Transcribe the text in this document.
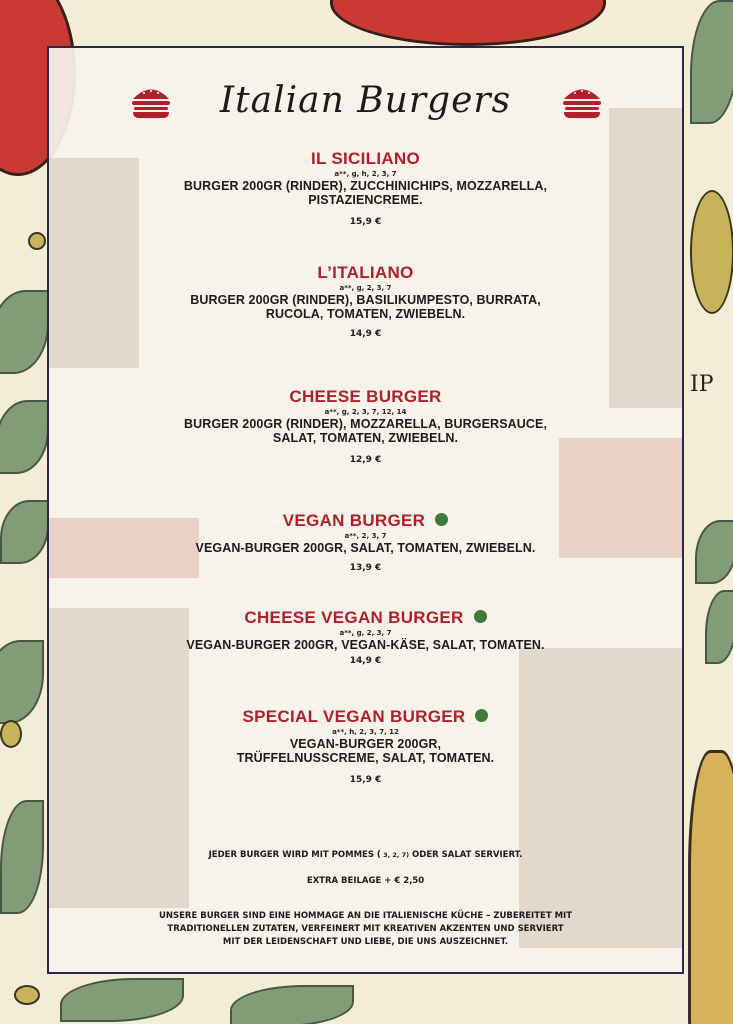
IP
ZZERIA
Italian Burgers
IL SICILIANO
a**, g, h, 2, 3, 7
BURGER 200GR (RINDER), ZUCCHINICHIPS, MOZZARELLA,
PISTAZIENCREME.
15,9 €
L’ITALIANO
a**, g, 2, 3, 7
BURGER 200GR (RINDER), BASILIKUMPESTO, BURRATA,
RUCOLA, TOMATEN, ZWIEBELN.
14,9 €
CHEESE BURGER
a**, g, 2, 3, 7, 12, 14
BURGER 200GR (RINDER), MOZZARELLA, BURGERSAUCE,
SALAT, TOMATEN, ZWIEBELN.
12,9 €
VEGAN BURGER
a**, 2, 3, 7
VEGAN-BURGER 200GR, SALAT, TOMATEN, ZWIEBELN.
13,9 €
CHEESE VEGAN BURGER
a**, g, 2, 3, 7
VEGAN-BURGER 200GR, VEGAN-KÄSE, SALAT, TOMATEN.
14,9 €
SPECIAL VEGAN BURGER
a**, h, 2, 3, 7, 12
VEGAN-BURGER 200GR,
TRÜFFELNUSSCREME, SALAT, TOMATEN.
15,9 €
JEDER BURGER WIRD MIT POMMES ( 3, 2, 7) ODER SALAT SERVIERT.
EXTRA BEILAGE + € 2,50
UNSERE BURGER SIND EINE HOMMAGE AN DIE ITALIENISCHE KÜCHE – ZUBEREITET MIT
TRADITIONELLEN ZUTATEN, VERFEINERT MIT KREATIVEN AKZENTEN UND SERVIERT
MIT DER LEIDENSCHAFT UND LIEBE, DIE UNS AUSZEICHNET.
